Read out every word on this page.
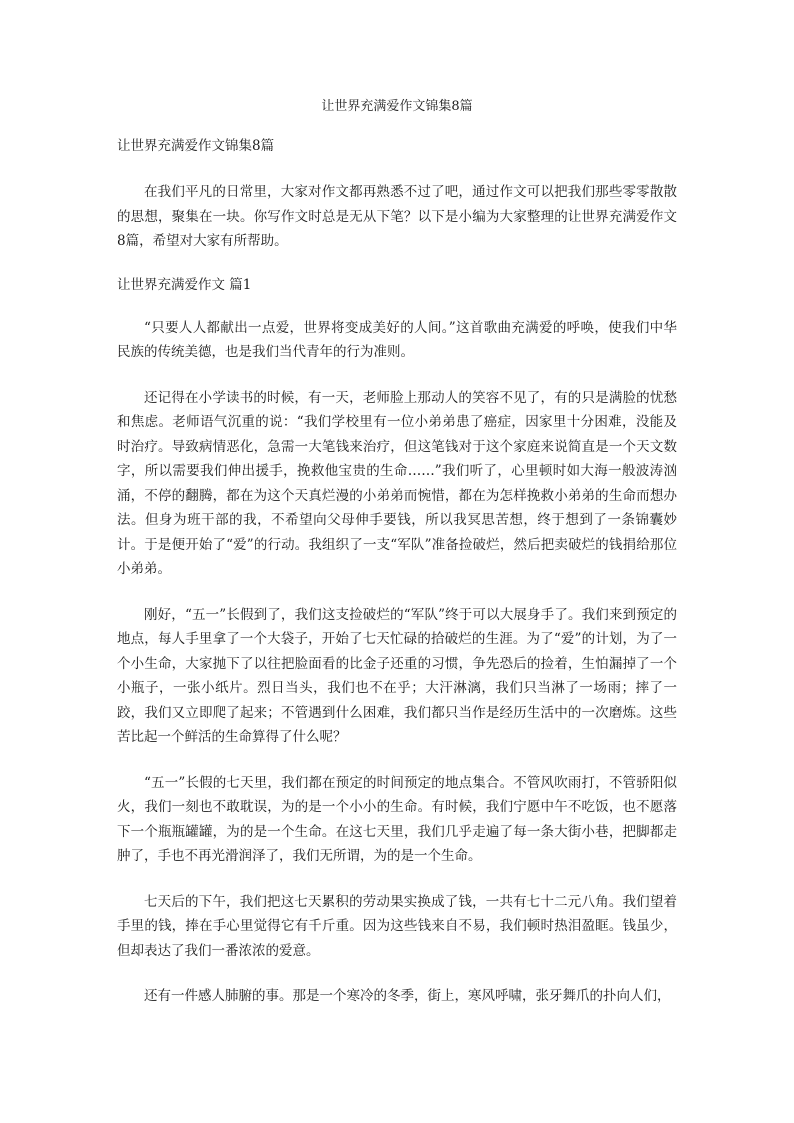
让世界充满爱作文锦集8篇
让世界充满爱作文锦集8篇

在我们平凡的日常里，大家对作文都再熟悉不过了吧，通过作文可以把我们那些零零散散的思想，聚集在一块。你写作文时总是无从下笔？以下是小编为大家整理的让世界充满爱作文8篇，希望对大家有所帮助。

让世界充满爱作文 篇1

“只要人人都献出一点爱，世界将变成美好的人间。”这首歌曲充满爱的呼唤，使我们中华民族的传统美德，也是我们当代青年的行为准则。

还记得在小学读书的时候，有一天，老师脸上那动人的笑容不见了，有的只是满脸的忧愁和焦虑。老师语气沉重的说：“我们学校里有一位小弟弟患了癌症，因家里十分困难，没能及时治疗。导致病情恶化，急需一大笔钱来治疗，但这笔钱对于这个家庭来说简直是一个天文数字，所以需要我们伸出援手，挽救他宝贵的生命……”我们听了，心里顿时如大海一般波涛汹涌，不停的翻腾，都在为这个天真烂漫的小弟弟而惋惜，都在为怎样挽救小弟弟的生命而想办法。但身为班干部的我，不希望向父母伸手要钱，所以我冥思苦想，终于想到了一条锦囊妙计。于是便开始了“爱”的行动。我组织了一支“军队”准备捡破烂，然后把卖破烂的钱捐给那位小弟弟。

刚好，“五一”长假到了，我们这支捡破烂的“军队”终于可以大展身手了。我们来到预定的地点，每人手里拿了一个大袋子，开始了七天忙碌的拾破烂的生涯。为了“爱”的计划，为了一个小生命，大家抛下了以往把脸面看的比金子还重的习惯，争先恐后的捡着，生怕漏掉了一个小瓶子，一张小纸片。烈日当头，我们也不在乎；大汗淋漓，我们只当淋了一场雨；摔了一跤，我们又立即爬了起来；不管遇到什么困难，我们都只当作是经历生活中的一次磨炼。这些苦比起一个鲜活的生命算得了什么呢？

“五一”长假的七天里，我们都在预定的时间预定的地点集合。不管风吹雨打，不管骄阳似火，我们一刻也不敢耽误，为的是一个小小的生命。有时候，我们宁愿中午不吃饭，也不愿落下一个瓶瓶罐罐，为的是一个生命。在这七天里，我们几乎走遍了每一条大街小巷，把脚都走肿了，手也不再光滑润泽了，我们无所谓，为的是一个生命。

七天后的下午，我们把这七天累积的劳动果实换成了钱，一共有七十二元八角。我们望着手里的钱，捧在手心里觉得它有千斤重。因为这些钱来自不易，我们顿时热泪盈眶。钱虽少，但却表达了我们一番浓浓的爱意。

还有一件感人肺腑的事。那是一个寒冷的冬季，街上，寒风呼啸，张牙舞爪的扑向人们，
